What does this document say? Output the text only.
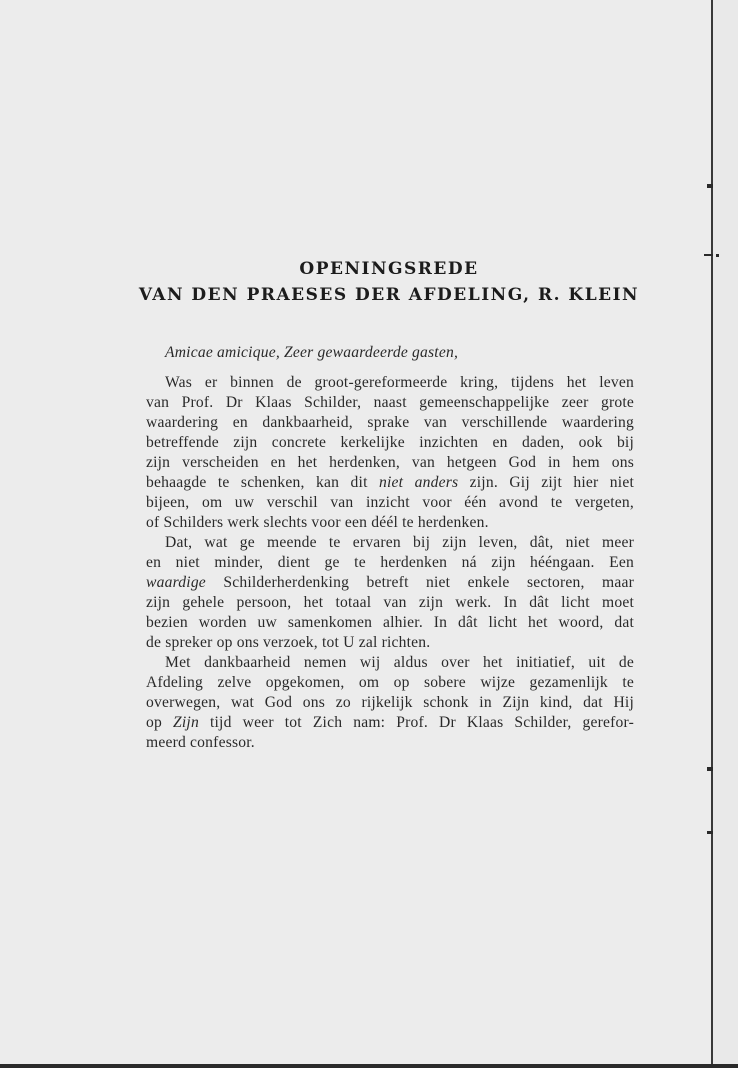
OPENINGSREDE
VAN DEN PRAESES DER AFDELING, R. KLEIN
Amicae amicique, Zeer gewaardeerde gasten,
Was er binnen de groot-gereformeerde kring, tijdens het leven
van Prof. Dr Klaas Schilder, naast gemeenschappelijke zeer grote
waardering en dankbaarheid, sprake van verschillende waardering
betreffende zijn concrete kerkelijke inzichten en daden, ook bij
zijn verscheiden en het herdenken, van hetgeen God in hem ons
behaagde te schenken, kan dit niet anders zijn. Gij zijt hier niet
bijeen, om uw verschil van inzicht voor één avond te vergeten,
of Schilders werk slechts voor een déél te herdenken.
Dat, wat ge meende te ervaren bij zijn leven, dât, niet meer
en niet minder, dient ge te herdenken ná zijn hééngaan. Een
waardige Schilderherdenking betreft niet enkele sectoren, maar
zijn gehele persoon, het totaal van zijn werk. In dât licht moet
bezien worden uw samenkomen alhier. In dât licht het woord, dat
de spreker op ons verzoek, tot U zal richten.
Met dankbaarheid nemen wij aldus over het initiatief, uit de
Afdeling zelve opgekomen, om op sobere wijze gezamenlijk te
overwegen, wat God ons zo rijkelijk schonk in Zijn kind, dat Hij
op Zijn tijd weer tot Zich nam: Prof. Dr Klaas Schilder, gerefor-
meerd confessor.
